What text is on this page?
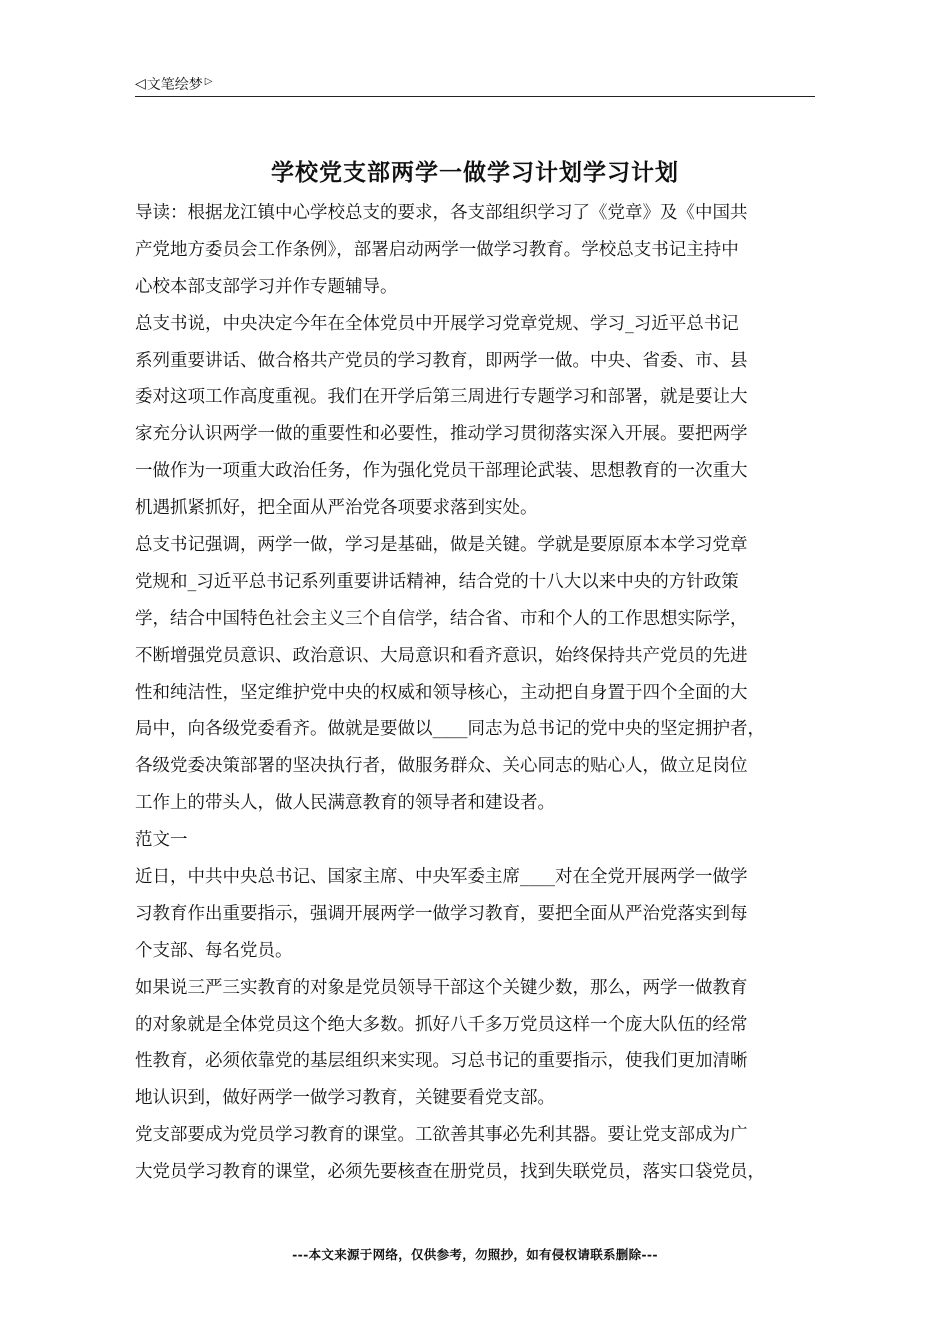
◁ 文笔绘梦 ▷
学校党支部两学一做学习计划学习计划
导读：根据龙江镇中心学校总支的要求，各支部组织学习了《党章》及《中国共
产党地方委员会工作条例》，部署启动两学一做学习教育。学校总支书记主持中
心校本部支部学习并作专题辅导。
总支书说，中央决定今年在全体党员中开展学习党章党规、学习_习近平总书记
系列重要讲话、做合格共产党员的学习教育，即两学一做。中央、省委、市、县
委对这项工作高度重视。我们在开学后第三周进行专题学习和部署，就是要让大
家充分认识两学一做的重要性和必要性，推动学习贯彻落实深入开展。要把两学
一做作为一项重大政治任务，作为强化党员干部理论武装、思想教育的一次重大
机遇抓紧抓好，把全面从严治党各项要求落到实处。
总支书记强调，两学一做，学习是基础，做是关键。学就是要原原本本学习党章
党规和_习近平总书记系列重要讲话精神，结合党的十八大以来中央的方针政策
学，结合中国特色社会主义三个自信学，结合省、市和个人的工作思想实际学，
不断增强党员意识、政治意识、大局意识和看齐意识，始终保持共产党员的先进
性和纯洁性，坚定维护党中央的权威和领导核心，主动把自身置于四个全面的大
局中，向各级党委看齐。做就是要做以____同志为总书记的党中央的坚定拥护者，
各级党委决策部署的坚决执行者，做服务群众、关心同志的贴心人，做立足岗位
工作上的带头人，做人民满意教育的领导者和建设者。
范文一
近日，中共中央总书记、国家主席、中央军委主席____对在全党开展两学一做学
习教育作出重要指示，强调开展两学一做学习教育，要把全面从严治党落实到每
个支部、每名党员。
如果说三严三实教育的对象是党员领导干部这个关键少数，那么，两学一做教育
的对象就是全体党员这个绝大多数。抓好八千多万党员这样一个庞大队伍的经常
性教育，必须依靠党的基层组织来实现。习总书记的重要指示，使我们更加清晰
地认识到，做好两学一做学习教育，关键要看党支部。
党支部要成为党员学习教育的课堂。工欲善其事必先利其器。要让党支部成为广
大党员学习教育的课堂，必须先要核查在册党员，找到失联党员，落实口袋党员，
---本文来源于网络，仅供参考，勿照抄，如有侵权请联系删除---
